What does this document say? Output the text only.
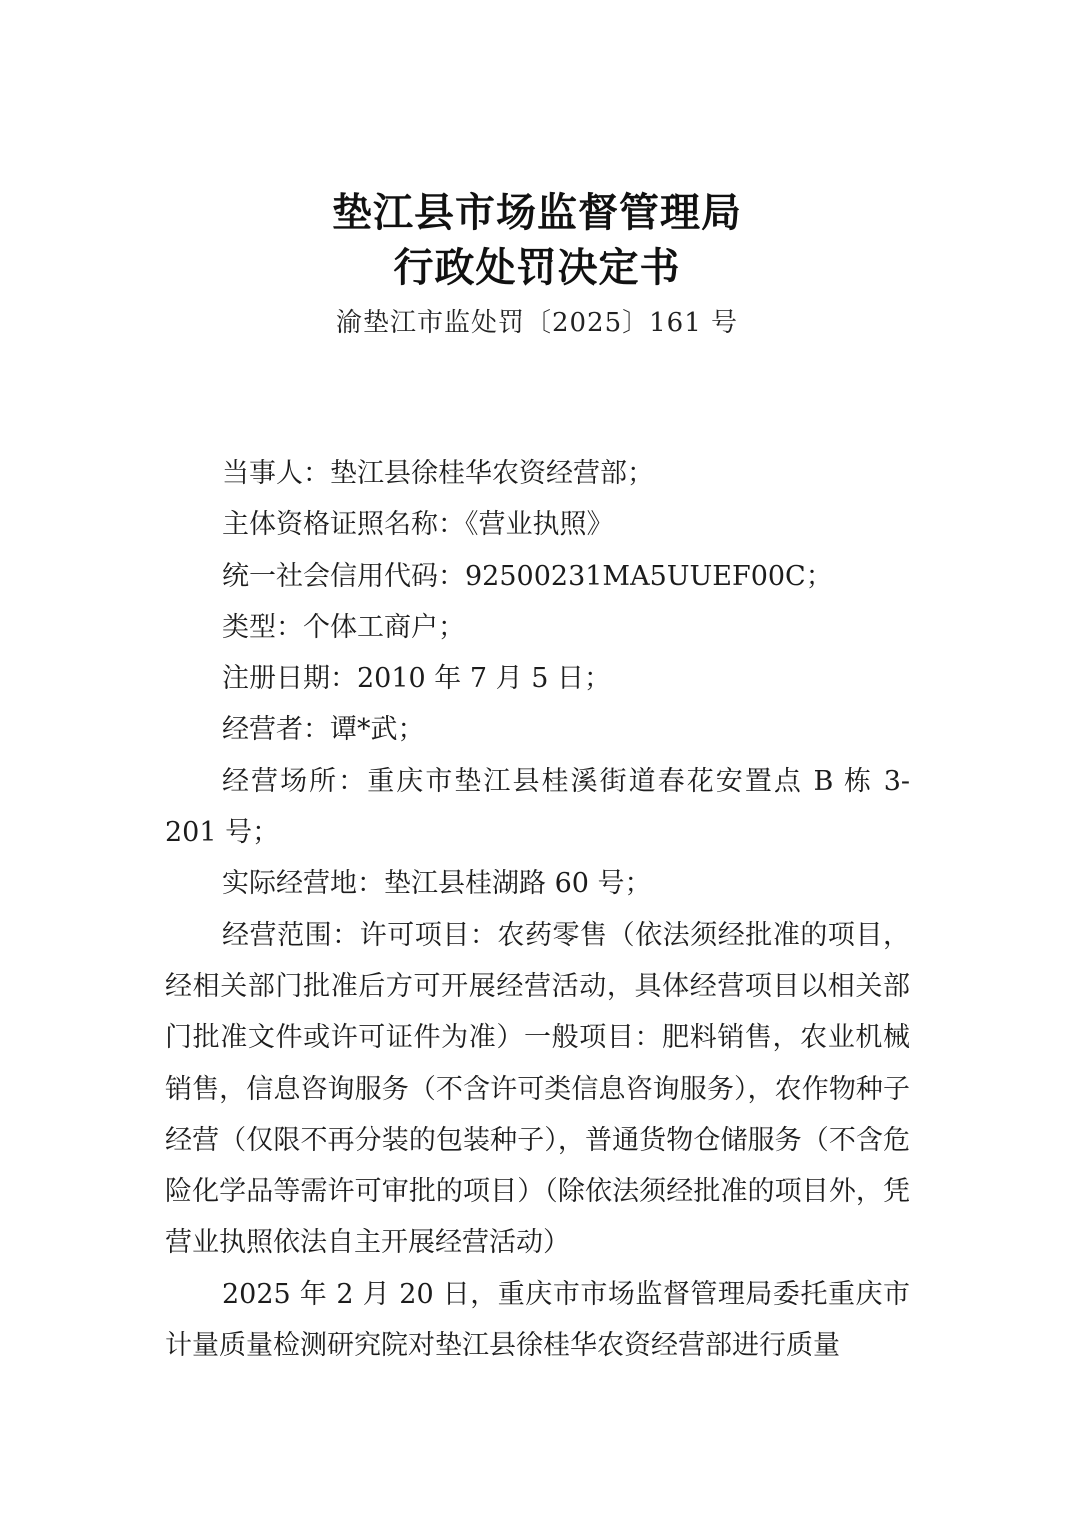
垫江县市场监督管理局
行政处罚决定书
渝垫江市监处罚〔2025〕161 号

当事人：垫江县徐桂华农资经营部；

主体资格证照名称：《营业执照》

统一社会信用代码：92500231MA5UUEF00C；

类型：个体工商户；

注册日期：2010 年 7 月 5 日；

经营者：谭*武；

经营场所：重庆市垫江县桂溪街道春花安置点 B 栋 3-201 号；

实际经营地：垫江县桂湖路 60 号；

经营范围：许可项目：农药零售（依法须经批准的项目，经相关部门批准后方可开展经营活动，具体经营项目以相关部门批准文件或许可证件为准）一般项目：肥料销售，农业机械销售，信息咨询服务（不含许可类信息咨询服务），农作物种子经营（仅限不再分装的包装种子），普通货物仓储服务（不含危险化学品等需许可审批的项目）（除依法须经批准的项目外，凭营业执照依法自主开展经营活动）

2025 年 2 月 20 日，重庆市市场监督管理局委托重庆市计量质量检测研究院对垫江县徐桂华农资经营部进行质量
